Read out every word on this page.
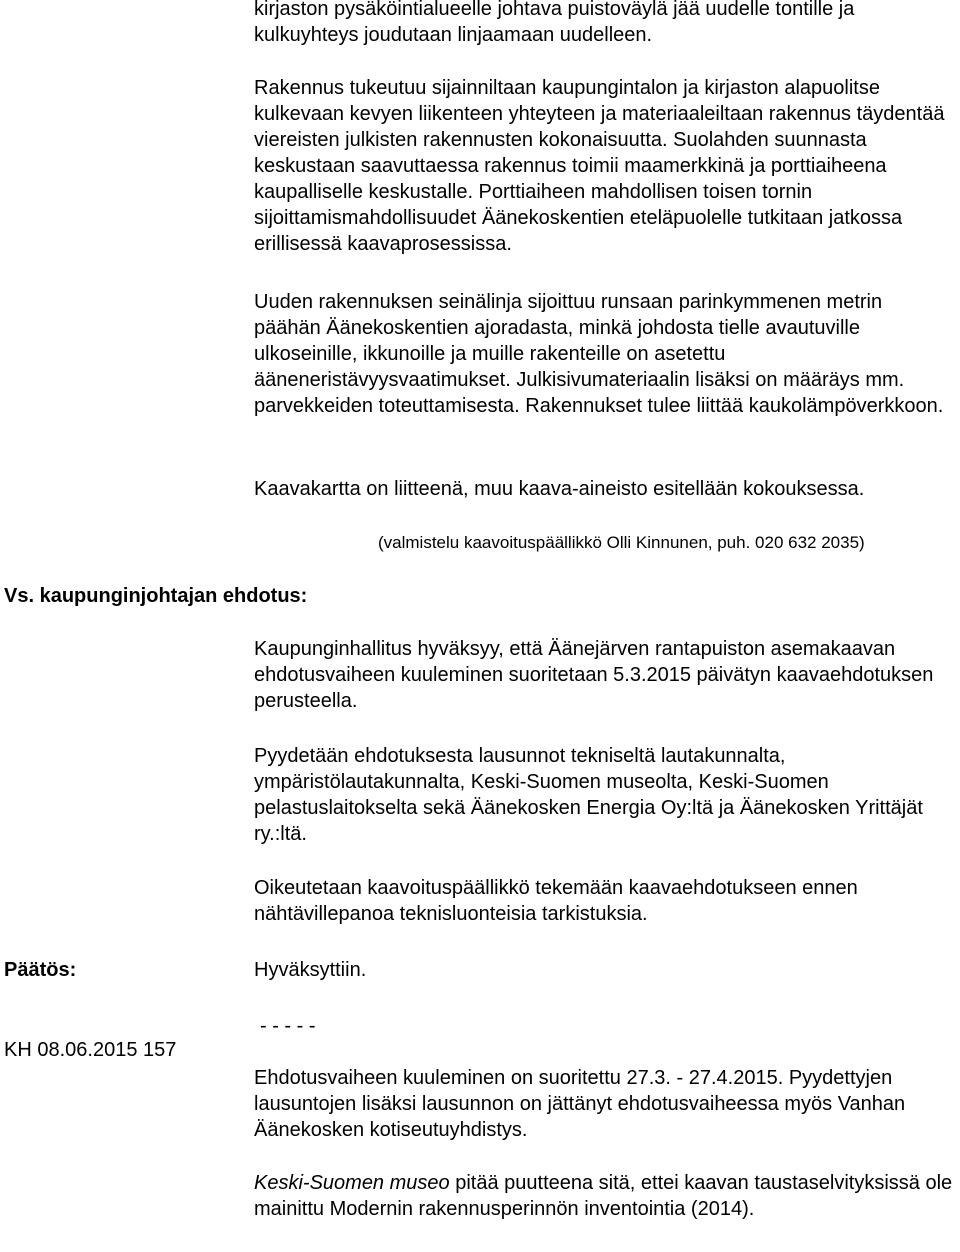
kirjaston pysäköintialueelle johtava puistoväylä jää uudelle tontille ja kulkuyhteys joudutaan linjaamaan uudelleen.

Rakennus tukeutuu sijainniltaan kaupungintalon ja kirjaston alapuolitse kulkevaan kevyen liikenteen yhteyteen ja materiaaleiltaan rakennus täydentää viereisten julkisten rakennusten kokonaisuutta. Suolahden suunnasta keskustaan saavuttaessa rakennus toimii maamerkkinä ja porttiaiheena kaupalliselle keskustalle. Porttiaiheen mahdollisen toisen tornin sijoittamismahdollisuudet Äänekoskentien eteläpuolelle tutkitaan jatkossa erillisessä kaavaprosessissa.

Uuden rakennuksen seinälinja sijoittuu runsaan parinkymmenen metrin päähän Äänekoskentien ajoradasta, minkä johdosta tielle avautuville ulkoseinille, ikkunoille ja muille rakenteille on asetettu ääneneristävyysvaatimukset. Julkisivumateriaalin lisäksi on määräys mm. parvekkeiden toteuttamisesta. Rakennukset tulee liittää kaukolämpöverkkoon.

Kaavakartta on liitteenä, muu kaava-aineisto esitellään kokouksessa.

(valmistelu kaavoituspäällikkö Olli Kinnunen, puh. 020 632 2035)

Vs. kaupunginjohtajan ehdotus:

Kaupunginhallitus hyväksyy, että Äänejärven rantapuiston asemakaavan ehdotusvaiheen kuuleminen suoritetaan 5.3.2015 päivätyn kaavaehdotuksen perusteella.

Pyydetään ehdotuksesta lausunnot tekniseltä lautakunnalta, ympäristölautakunnalta, Keski-Suomen museolta, Keski-Suomen pelastuslaitokselta sekä Äänekosken Energia Oy:ltä ja Äänekosken Yrittäjät ry.:ltä.

Oikeutetaan kaavoituspäällikkö tekemään kaavaehdotukseen ennen nähtävillepanoa teknisluonteisia tarkistuksia.

Päätös:	Hyväksyttiin.

- - - - -

KH 08.06.2015 157

Ehdotusvaiheen kuuleminen on suoritettu 27.3. - 27.4.2015. Pyydettyjen lausuntojen lisäksi lausunnon on jättänyt ehdotusvaiheessa myös Vanhan Äänekosken kotiseutuyhdistys.

Keski-Suomen museo pitää puutteena sitä, ettei kaavan taustaselvityksissä ole mainittu Modernin rakennusperinnön inventointia (2014).
